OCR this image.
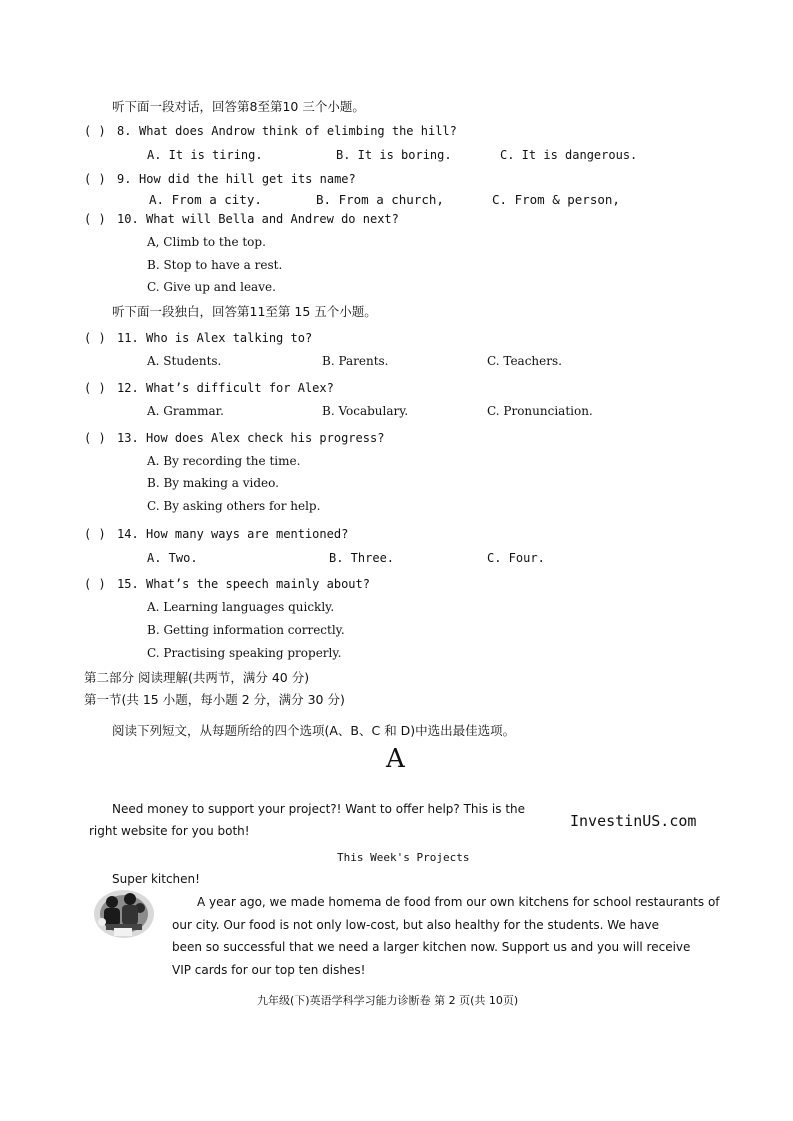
听下面一段对话，回答第8至第10 三个小题。
( ) 8. What does Androw think of elimbing the hill?
A. It is tiring.	B. It is boring.	C. It is dangerous.
( ) 9. How did the hill get its name?
A. From a city.	B. From a church,	C. From & person,
( ) 10. What will Bella and Andrew do next?
A, Climb to the top.
B. Stop to have a rest.
C. Give up and leave.
听下面一段独白，回答第11至第 15 五个小题。
( ) 11. Who is Alex talking to?
A. Students.	B. Parents.	C. Teachers.
( ) 12. What’s difficult for Alex?
A. Grammar.	B. Vocabulary.	C. Pronunciation.
( ) 13. How does Alex check his progress?
A. By recording the time.
B. By making a video.
C. By asking others for help.
( ) 14. How many ways are mentioned?
A. Two.	B. Three.	C. Four.
( ) 15. What’s the speech mainly about?
A. Learning languages quickly.
B. Getting information correctly.
C. Practising speaking properly.
第二部分 阅读理解(共两节，满分 40 分)
第一节(共 15 小题，每小题 2 分，满分 30 分)
阅读下列短文，从每题所给的四个选项(A、B、C 和 D)中选出最佳选项。
A
Need money to support your project?! Want to offer help? This is the
right website for you both!
InvestinUS.com
This Week's Projects
Super kitchen!
A year ago, we made homema de food from our own kitchens for school restaurants of
our city. Our food is not only low-cost, but also healthy for the students. We have
been so successful that we need a larger kitchen now. Support us and you will receive
VIP cards for our top ten dishes!
九年级(下)英语学科学习能力诊断卷 第 2 页(共 10页)
